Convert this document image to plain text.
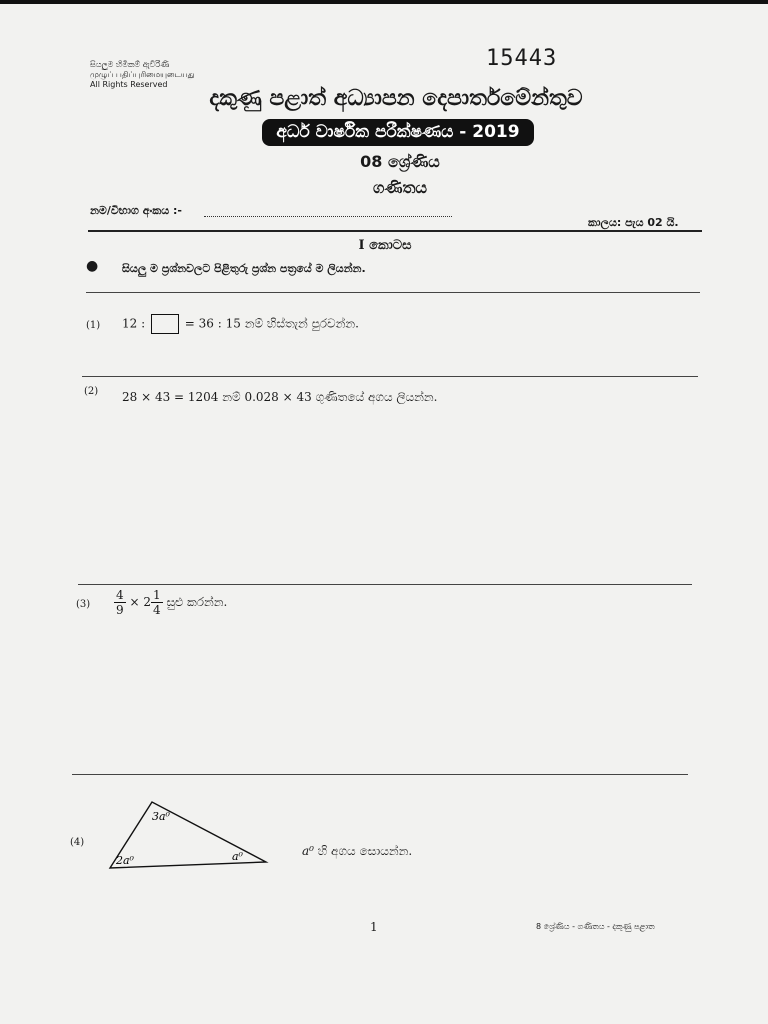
සියලුම හිමිකම් ඇවිරිණි
முழுப் பதிப்புரிமையுடையது
All Rights Reserved
15443
දකුණු පළාත් අධ්‍යාපන දෙපාර්තමේන්තුව
අර්ධ වාර්ෂික පරීක්ෂණය - 2019
08 ශ්‍රේණිය
ගණිතය
නම/විභාග අංකය :-
කාලය: පැය 02 යි.
I කොටස
● සියලු ම ප්‍රශ්නවලට පිළිතුරු ප්‍රශ්න පත්‍රයේ ම ලියන්න.
(1) 12 :	= 36 : 15 නම් හිස්තැන් පුරවන්න.
(2) 28 × 43 = 1204 නම් 0.028 × 43 ගුණිතයේ අගය ලියන්න.
$(3) \frac{4}{9} \times 2 \frac{1}{4}$ සුළු කරන්න.
(4)
3a⁰
2a⁰	a⁰	a⁰ හි අගය සොයන්න.
1	8 ශ්‍රේණිය - ගණිතය - දකුණු පළාත
